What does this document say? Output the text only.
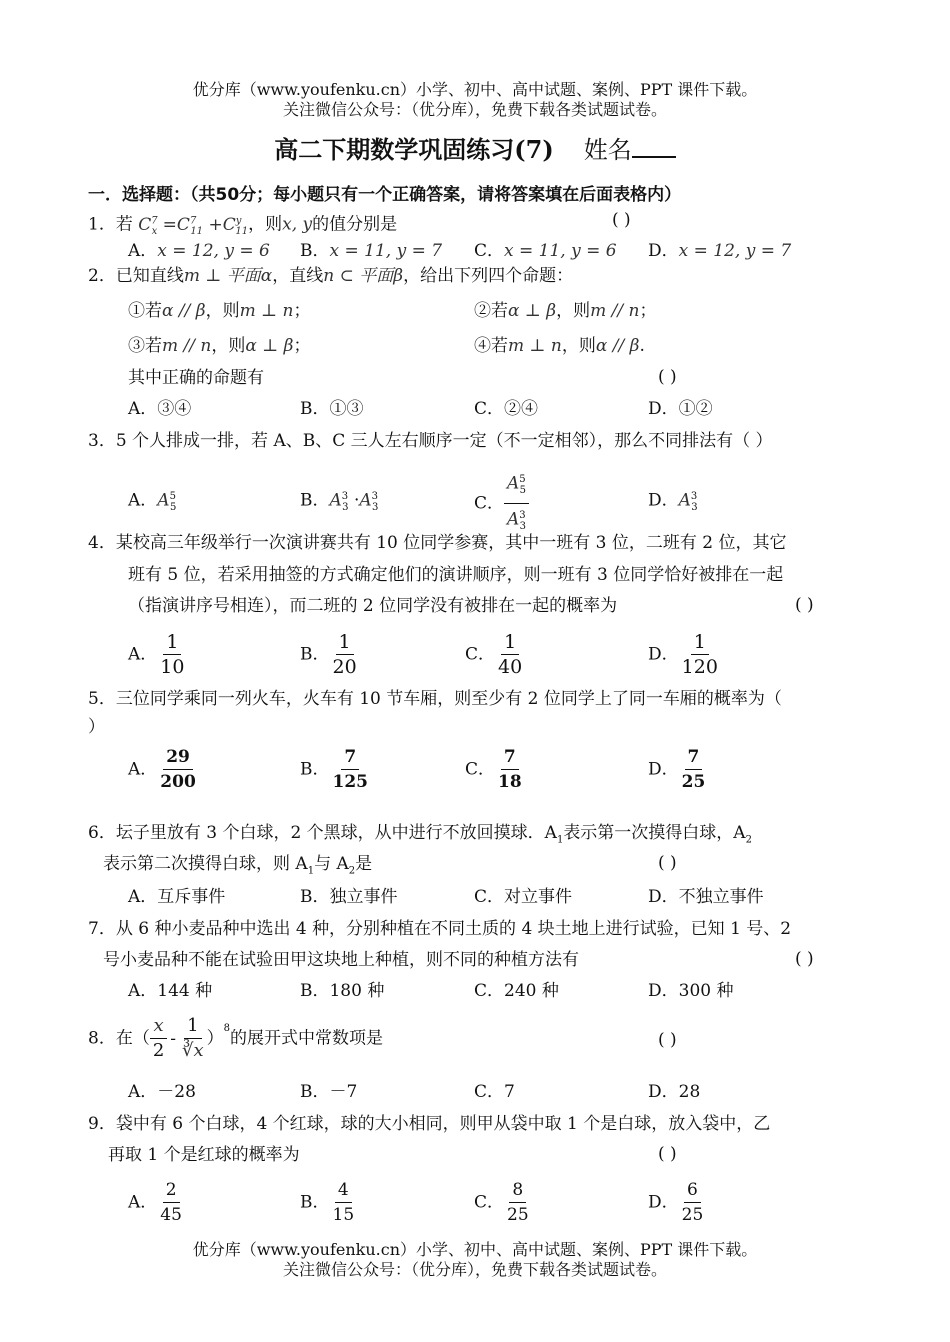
优分库（www.youfenku.cn）小学、初中、高中试题、案例、PPT 课件下载。
关注微信公众号：（优分库），免费下载各类试题试卷。
高二下期数学巩固练习(7) 姓名
一．选择题：（共50分；每小题只有一个正确答案，请将答案填在后面表格内）
1．若 $C^7_x =C^7_{11} +C^y_{11}$，则x, y的值分别是	( )
A．x = 12, y = 6 B．x = 11, y = 7 C．x = 11, y = 6 D．x = 12, y = 7
2．已知直线m ⊥ 平面α，直线n ⊂ 平面β，给出下列四个命题：
①若α // β，则m ⊥ n；	②若α ⊥ β，则m // n；
③若m // n，则α ⊥ β；	④若m ⊥ n，则α // β.
其中正确的命题有	( )
A．③④	B．①③	C．②④	D．①②
3．5 个人排成一排，若 A、B、C 三人左右顺序一定（不一定相邻），那么不同排法有（ ）
A．$A^5_5$	B．$A^3_3 \cdot A^3_3$	C． $\frac{A^5_5}{A^3_3}$	D．$A^3_3$
4．某校高三年级举行一次演讲赛共有 10 位同学参赛，其中一班有 3 位，二班有 2 位，其它
班有 5 位，若采用抽签的方式确定他们的演讲顺序，则一班有 3 位同学恰好被排在一起
（指演讲序号相连），而二班的 2 位同学没有被排在一起的概率为	( )
A． $\frac{1}{10}$	B． $\frac{1}{20}$	C． $\frac{1}{40}$	D． $\frac{1}{120}$
5．三位同学乘同一列火车，火车有 10 节车厢，则至少有 2 位同学上了同一车厢的概率为（
）
A． $\frac{29}{200}$	B． $\frac{7}{125}$	C． $\frac{7}{18}$	D． $\frac{7}{25}$
6．坛子里放有 3 个白球，2 个黑球，从中进行不放回摸球．$A_1$表示第一次摸得白球，$A_2$
表示第二次摸得白球，则 $A_1$与 $A_2$是	( )
A．互斥事件	B．独立事件	C．对立事件	D．不独立事件
7．从 6 种小麦品种中选出 4 种，分别种植在不同土质的 4 块土地上进行试验，已知 1 号、2
号小麦品种不能在试验田甲这块地上种植，则不同的种植方法有	( )
A．144 种	B．180 种	C．240 种	D．300 种
8．在（ $\frac{x}{2} - \frac{1}{∛x} )^8$的展开式中常数项是	( )
A．－28	B．－7	C．7	D．28
9．袋中有 6 个白球，4 个红球，球的大小相同，则甲从袋中取 1 个是白球，放入袋中，乙
再取 1 个是红球的概率为	( )
A． $\frac{2}{45}$	B． $\frac{4}{15}$	C． $\frac{8}{25}$	D． $\frac{6}{25}$
优分库（www.youfenku.cn）小学、初中、高中试题、案例、PPT 课件下载。
关注微信公众号：（优分库），免费下载各类试题试卷。
